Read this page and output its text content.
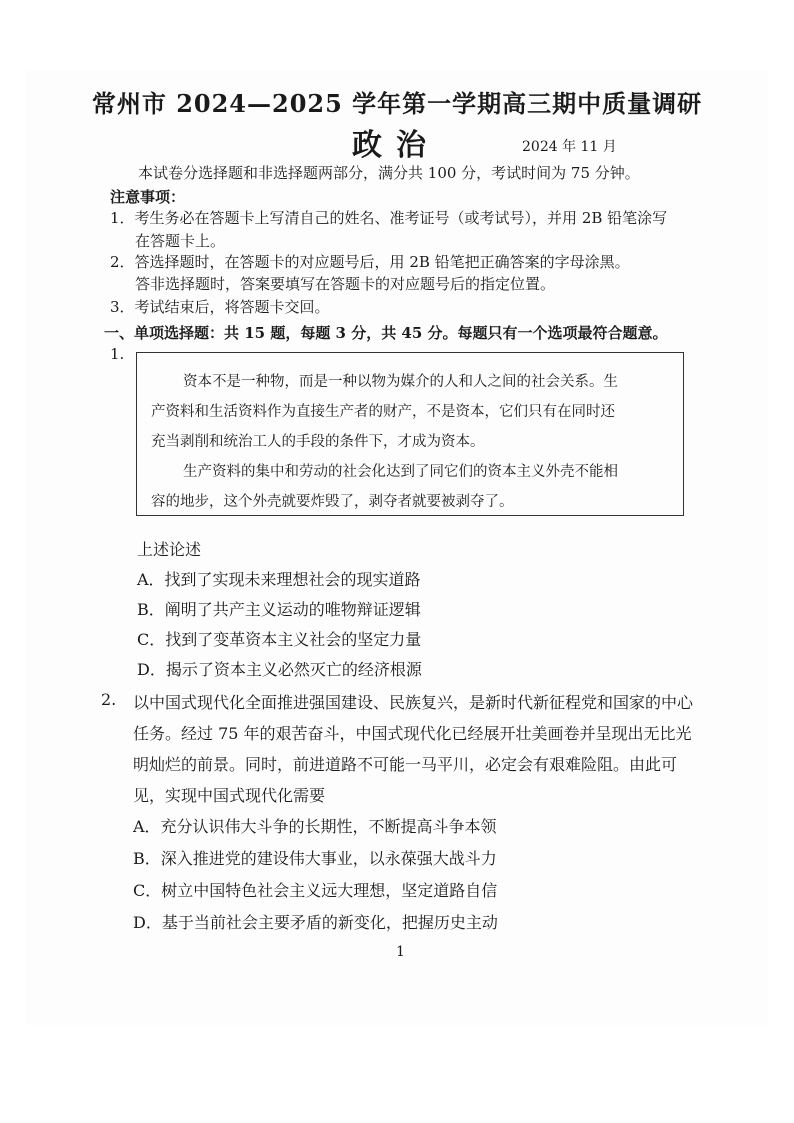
常州市 2024—2025 学年第一学期高三期中质量调研
政治	2024 年 11 月
本试卷分选择题和非选择题两部分，满分共 100 分，考试时间为 75 分钟。
注意事项：
1．考生务必在答题卡上写清自己的姓名、准考证号（或考试号），并用 2B 铅笔涂写
在答题卡上。
2．答选择题时，在答题卡的对应题号后，用 2B 铅笔把正确答案的字母涂黑。
答非选择题时，答案要填写在答题卡的对应题号后的指定位置。
3．考试结束后，将答题卡交回。
一、单项选择题：共 15 题，每题 3 分，共 45 分。每题只有一个选项最符合题意。
1.
资本不是一种物，而是一种以物为媒介的人和人之间的社会关系。生
产资料和生活资料作为直接生产者的财产，不是资本，它们只有在同时还
充当剥削和统治工人的手段的条件下，才成为资本。
生产资料的集中和劳动的社会化达到了同它们的资本主义外壳不能相
容的地步，这个外壳就要炸毁了，剥夺者就要被剥夺了。
上述论述
A．找到了实现未来理想社会的现实道路
B．阐明了共产主义运动的唯物辩证逻辑
C．找到了变革资本主义社会的坚定力量
D．揭示了资本主义必然灭亡的经济根源
2. 以中国式现代化全面推进强国建设、民族复兴，是新时代新征程党和国家的中心
任务。经过 75 年的艰苦奋斗，中国式现代化已经展开壮美画卷并呈现出无比光
明灿烂的前景。同时，前进道路不可能一马平川，必定会有艰难险阻。由此可
见，实现中国式现代化需要
A．充分认识伟大斗争的长期性，不断提高斗争本领
B．深入推进党的建设伟大事业，以永葆强大战斗力
C．树立中国特色社会主义远大理想，坚定道路自信
D．基于当前社会主要矛盾的新变化，把握历史主动
1
